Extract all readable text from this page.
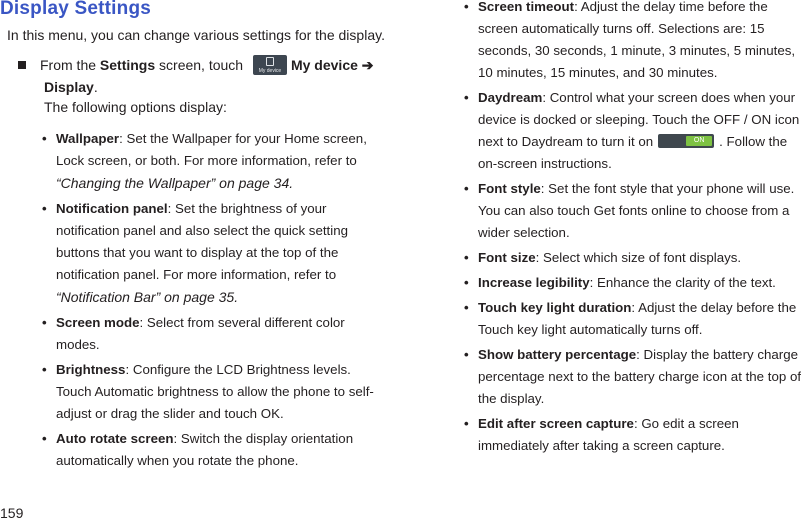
Display Settings
In this menu, you can change various settings for the display.
From the Settings screen, touch	My device My device ➔
Display.
The following options display:
• Wallpaper: Set the Wallpaper for your Home screen, Lock screen, or both. For more information, refer to “Changing the Wallpaper” on page 34.
• Notification panel: Set the brightness of your notification panel and also select the quick setting buttons that you want to display at the top of the notification panel. For more information, refer to “Notification Bar” on page 35.
• Screen mode: Select from several different color modes.
• Brightness: Configure the LCD Brightness levels. Touch Automatic brightness to allow the phone to self-adjust or drag the slider and touch OK.
• Auto rotate screen: Switch the display orientation automatically when you rotate the phone.
• Screen timeout: Adjust the delay time before the screen automatically turns off. Selections are: 15 seconds, 30 seconds, 1 minute, 3 minutes, 5 minutes, 10 minutes, 15 minutes, and 30 minutes.
• Daydream: Control what your screen does when your device is docked or sleeping. Touch the OFF / ON icon next to Daydream to turn it on	ON	. Follow the on-screen instructions.
• Font style: Set the font style that your phone will use. You can also touch Get fonts online to choose from a wider selection.
• Font size: Select which size of font displays.
• Increase legibility: Enhance the clarity of the text.
• Touch key light duration: Adjust the delay before the Touch key light automatically turns off.
• Show battery percentage: Display the battery charge percentage next to the battery charge icon at the top of the display.
• Edit after screen capture: Go edit a screen immediately after taking a screen capture.
159
